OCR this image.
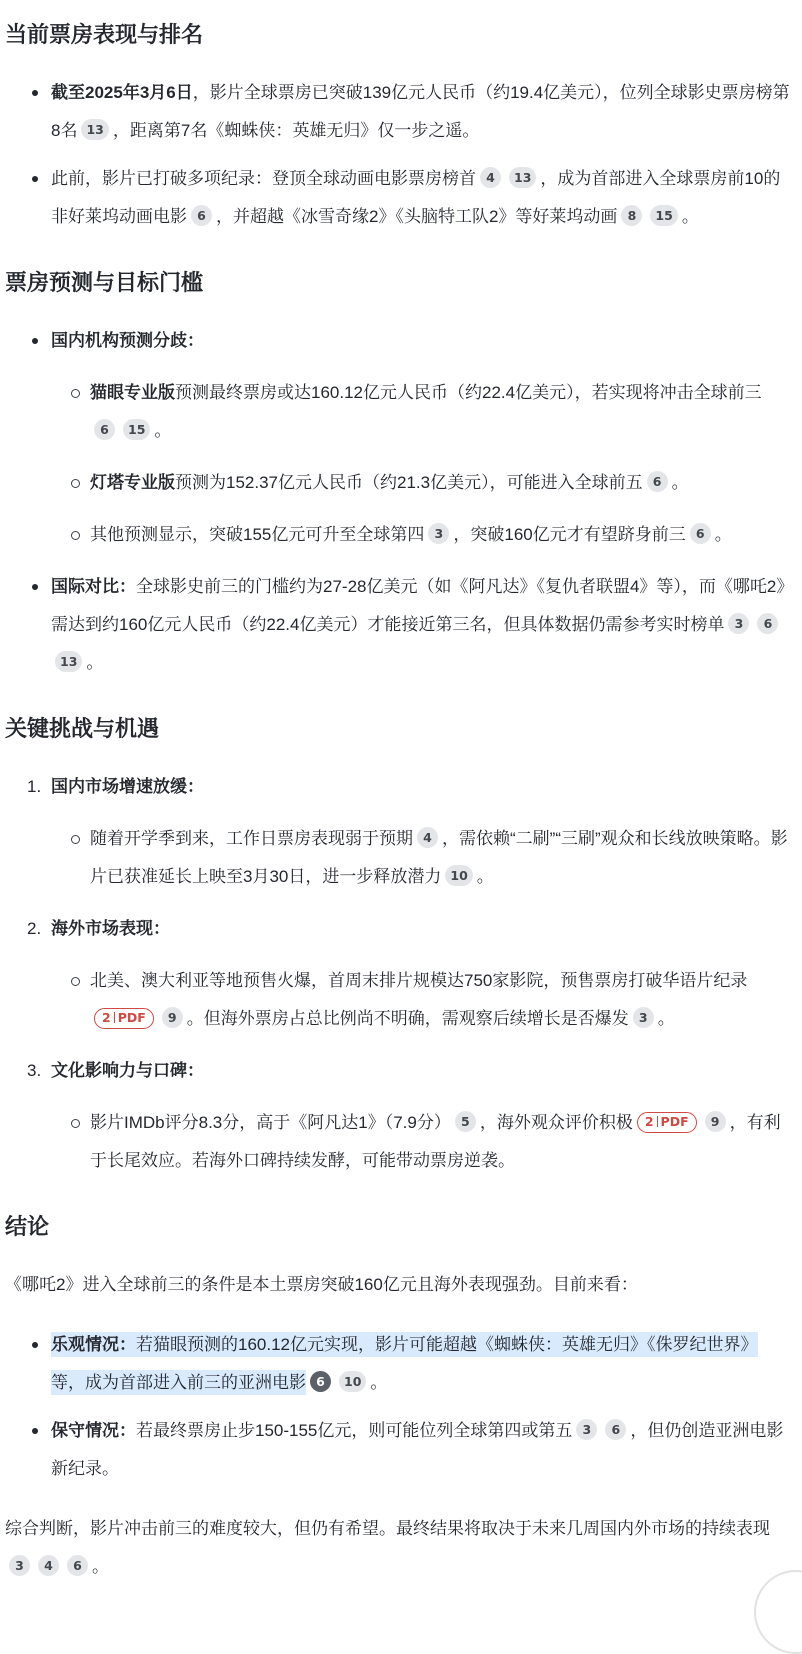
当前票房表现与排名
截至2025年3月6日，影片全球票房已突破139亿元人民币（约19.4亿美元），位列全球影史票房榜第8名 13 ，距离第7名《蜘蛛侠：英雄无归》仅一步之遥。
此前，影片已打破多项纪录：登顶全球动画电影票房榜首 4 13 ，成为首部进入全球票房前10的非好莱坞动画电影 6 ，并超越《冰雪奇缘2》《头脑特工队2》等好莱坞动画 8 15 。
票房预测与目标门槛
国内机构预测分歧：
猫眼专业版预测最终票房或达160.12亿元人民币（约22.4亿美元），若实现将冲击全球前三6 15 。
灯塔专业版预测为152.37亿元人民币（约21.3亿美元），可能进入全球前五 6 。
其他预测显示，突破155亿元可升至全球第四 3 ，突破160亿元才有望跻身前三 6 。
国际对比：全球影史前三的门槛约为27-28亿美元（如《阿凡达》《复仇者联盟4》等），而《哪吒2》需达到约160亿元人民币（约22.4亿美元）才能接近第三名，但具体数据仍需参考实时榜单 3 613 。
关键挑战与机遇
1. 国内市场增速放缓：
随着开学季到来，工作日票房表现弱于预期 4 ，需依赖“二刷”“三刷”观众和长线放映策略。影片已获准延长上映至3月30日，进一步释放潜力 10 。
2. 海外市场表现：
北美、澳大利亚等地预售火爆，首周末排片规模达750家影院，预售票房打破华语片纪录2 PDF 9 。但海外票房占总比例尚不明确，需观察后续增长是否爆发 3 。
3. 文化影响力与口碑：
影片IMDb评分8.3分，高于《阿凡达1》（7.9分） 5 ，海外观众评价积极 2 PDF 9 ，有利于长尾效应。若海外口碑持续发酵，可能带动票房逆袭。
结论

《哪吒2》进入全球前三的条件是本土票房突破160亿元且海外表现强劲。目前来看：

乐观情况：若猫眼预测的160.12亿元实现，影片可能超越《蜘蛛侠：英雄无归》《侏罗纪世界》等，成为首部进入前三的亚洲电影 6 10 。
保守情况：若最终票房止步150-155亿元，则可能位列全球第四或第五 3 6 ，但仍创造亚洲电影新纪录。

综合判断，影片冲击前三的难度较大，但仍有希望。最终结果将取决于未来几周国内外市场的持续表现3 4 6 。
